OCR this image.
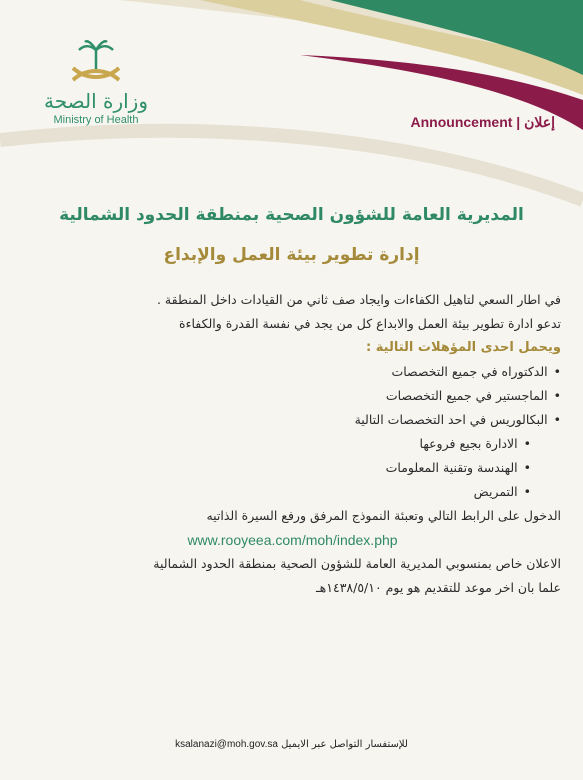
وزارة الصحة
Ministry of Health	Announcement | إعلان
المديرية العامة للشؤون الصحية بمنطقة الحدود الشمالية
إدارة تطوير بيئة العمل والإبداع
في اطار السعي لتاهيل الكفاءات وايجاد صف ثاني من القيادات داخل المنطقة .
تدعو ادارة تطوير بيئة العمل والابداع كل من يجد في نفسة القدرة والكفاءة
ويحمل احدى المؤهلات التالية :
• الدكتوراه في جميع التخصصات
• الماجستير في جميع التخصصات
• البكالوريس في احد التخصصات التالية
• الادارة بجيع فروعها
• الهندسة وتقنية المعلومات
• التمريض
الدخول على الرابط التالي وتعبئة النموذج المرفق ورفع السيرة الذاتيه
www.rooyeea.com/moh/index.php
الاعلان خاص بمنسوبي المديرية العامة للشؤون الصحية بمنطقة الحدود الشمالية
علما بان اخر موعد للتقديم هو يوم ١٤٣٨/٥/١٠هـ
ksalanazi@moh.gov.sa للإستفسار التواصل عبر الايميل
